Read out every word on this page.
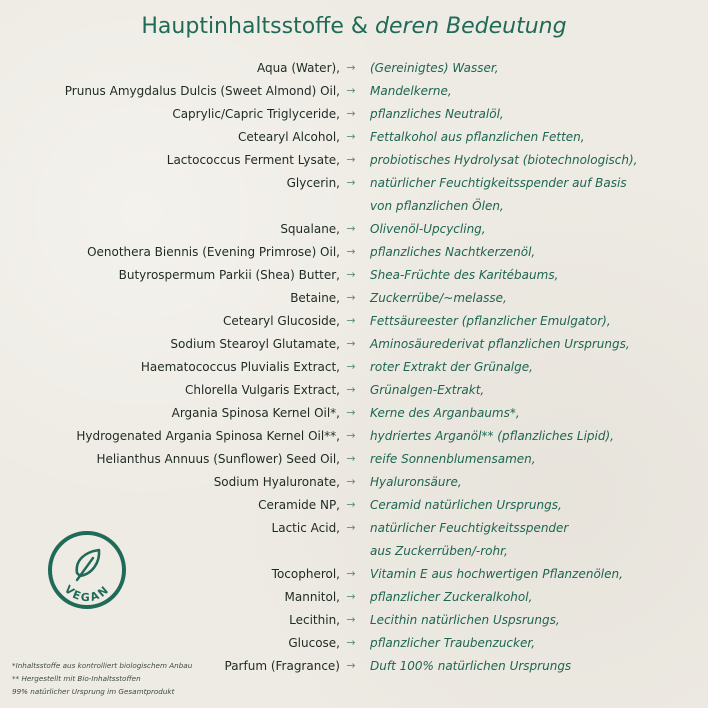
Hauptinhaltsstoffe & deren Bedeutung
Aqua (Water), → (Gereinigtes) Wasser,
Prunus Amygdalus Dulcis (Sweet Almond) Oil, → Mandelkerne,
Caprylic/Capric Triglyceride, → pflanzliches Neutralöl,
Cetearyl Alcohol, → Fettalkohol aus pflanzlichen Fetten,
Lactococcus Ferment Lysate, → probiotisches Hydrolysat (biotechnologisch),
Glycerin, → natürlicher Feuchtigkeitsspender auf Basis
von pflanzlichen Ölen,
Squalane, → Olivenöl-Upcycling,
Oenothera Biennis (Evening Primrose) Oil, → pflanzliches Nachtkerzenöl,
Butyrospermum Parkii (Shea) Butter, → Shea-Früchte des Karitébaums,
Betaine, → Zuckerrübe/~melasse,
Cetearyl Glucoside, → Fettsäureester (pflanzlicher Emulgator),
Sodium Stearoyl Glutamate, → Aminosäurederivat pflanzlichen Ursprungs,
Haematococcus Pluvialis Extract, → roter Extrakt der Grünalge,
Chlorella Vulgaris Extract, → Grünalgen-Extrakt,
Argania Spinosa Kernel Oil*, → Kerne des Arganbaums*,
Hydrogenated Argania Spinosa Kernel Oil**, → hydriertes Arganöl** (pflanzliches Lipid),
Helianthus Annuus (Sunflower) Seed Oil, → reife Sonnenblumensamen,
Sodium Hyaluronate, → Hyaluronsäure,
Ceramide NP, → Ceramid natürlichen Ursprungs,
Lactic Acid, → natürlicher Feuchtigkeitsspender
aus Zuckerrüben/-rohr,
Tocopherol, → Vitamin E aus hochwertigen Pflanzenölen,
Mannitol, → pflanzlicher Zuckeralkohol,
Lecithin, → Lecithin natürlichen Uspsrungs,
Glucose, → pflanzlicher Traubenzucker,
Parfum (Fragrance) → Duft 100% natürlichen Ursprungs
VEGAN
*Inhaltsstoffe aus kontrolliert biologischem Anbau
** Hergestellt mit Bio-Inhaltsstoffen
99% natürlicher Ursprung im Gesamtprodukt
